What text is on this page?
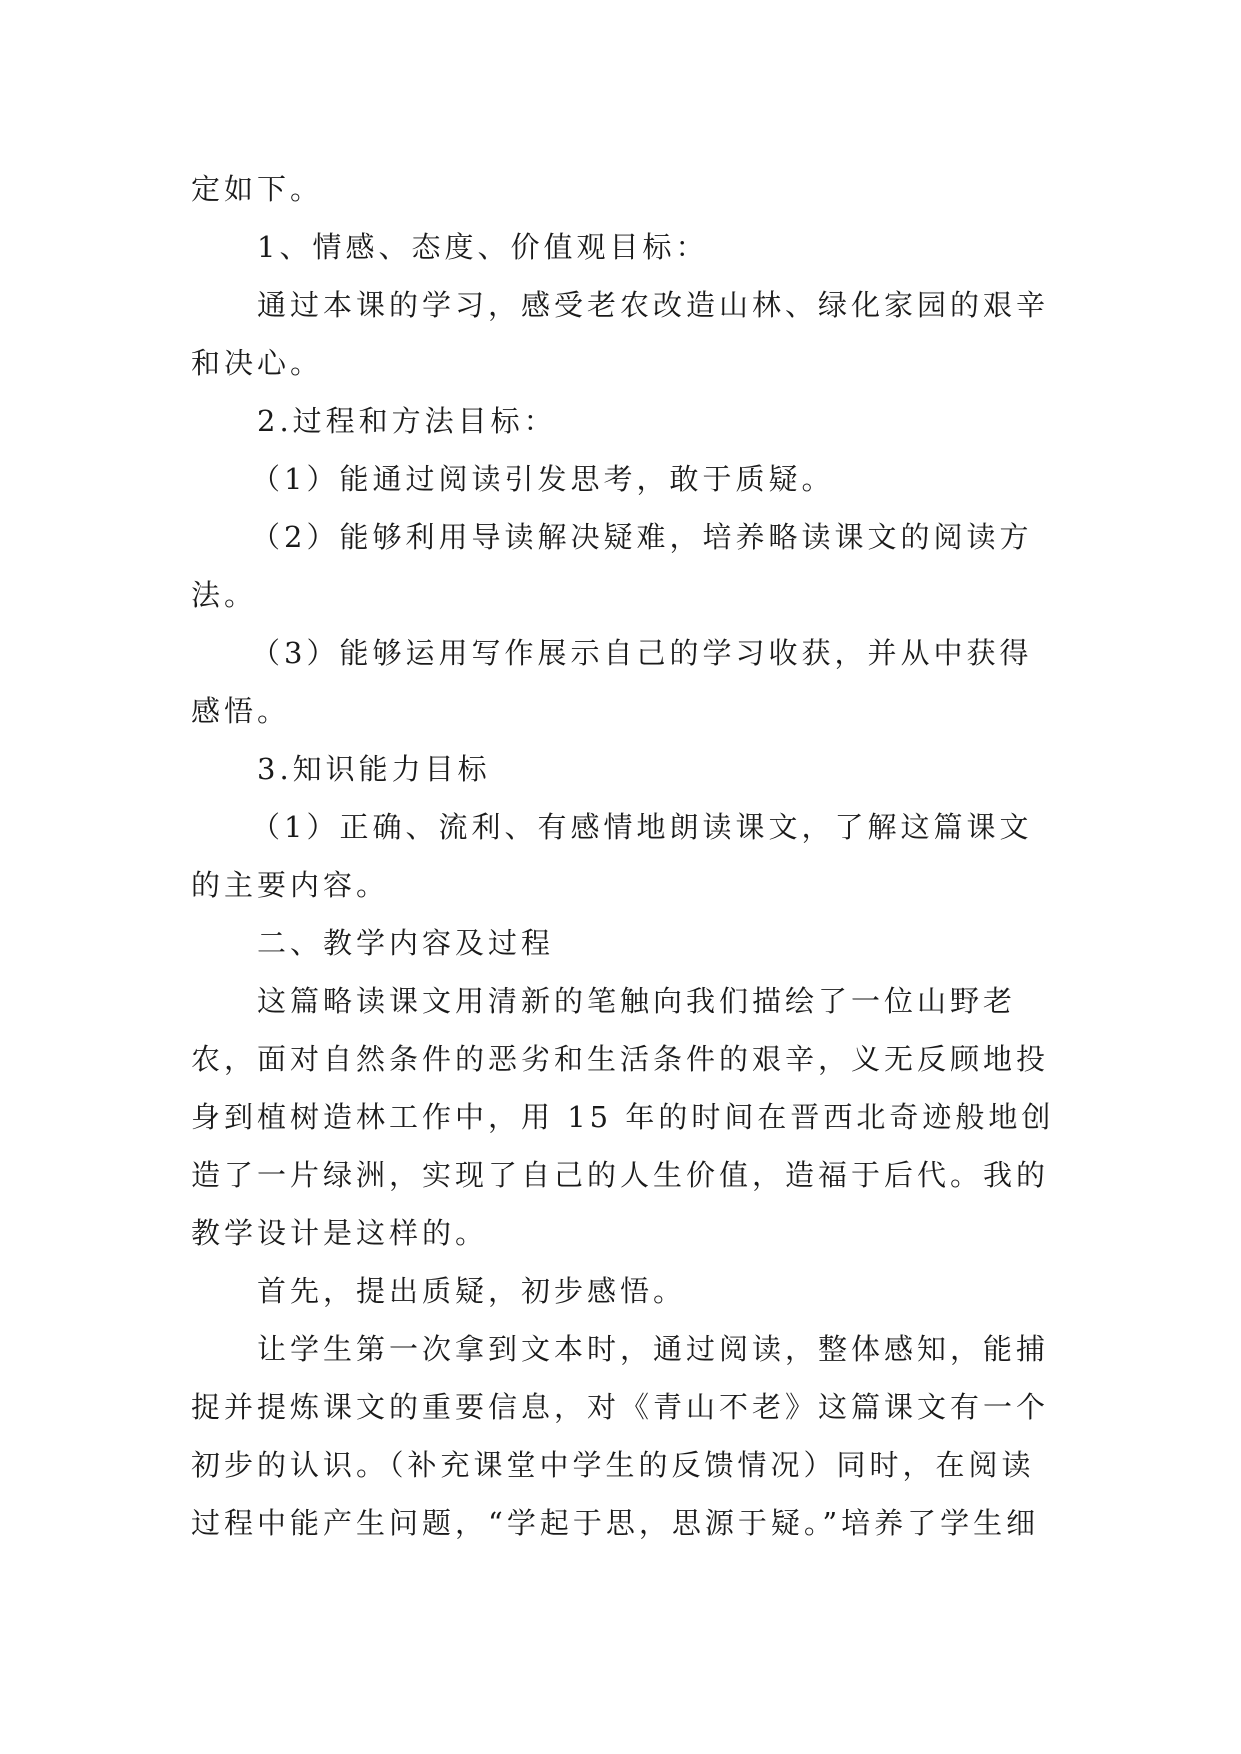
定如下。
1、情感、态度、价值观目标：
通过本课的学习，感受老农改造山林、绿化家园的艰辛
和决心。
2.过程和方法目标：
（1）能通过阅读引发思考，敢于质疑。
（2）能够利用导读解决疑难，培养略读课文的阅读方
法。
（3）能够运用写作展示自己的学习收获，并从中获得
感悟。
3.知识能力目标
（1）正确、流利、有感情地朗读课文，了解这篇课文
的主要内容。
二、教学内容及过程
这篇略读课文用清新的笔触向我们描绘了一位山野老
农，面对自然条件的恶劣和生活条件的艰辛，义无反顾地投
身到植树造林工作中，用 15 年的时间在晋西北奇迹般地创
造了一片绿洲，实现了自己的人生价值，造福于后代。我的
教学设计是这样的。
首先，提出质疑，初步感悟。
让学生第一次拿到文本时，通过阅读，整体感知，能捕
捉并提炼课文的重要信息，对《青山不老》这篇课文有一个
初步的认识。（补充课堂中学生的反馈情况）同时，在阅读
过程中能产生问题，“学起于思，思源于疑。”培养了学生细
